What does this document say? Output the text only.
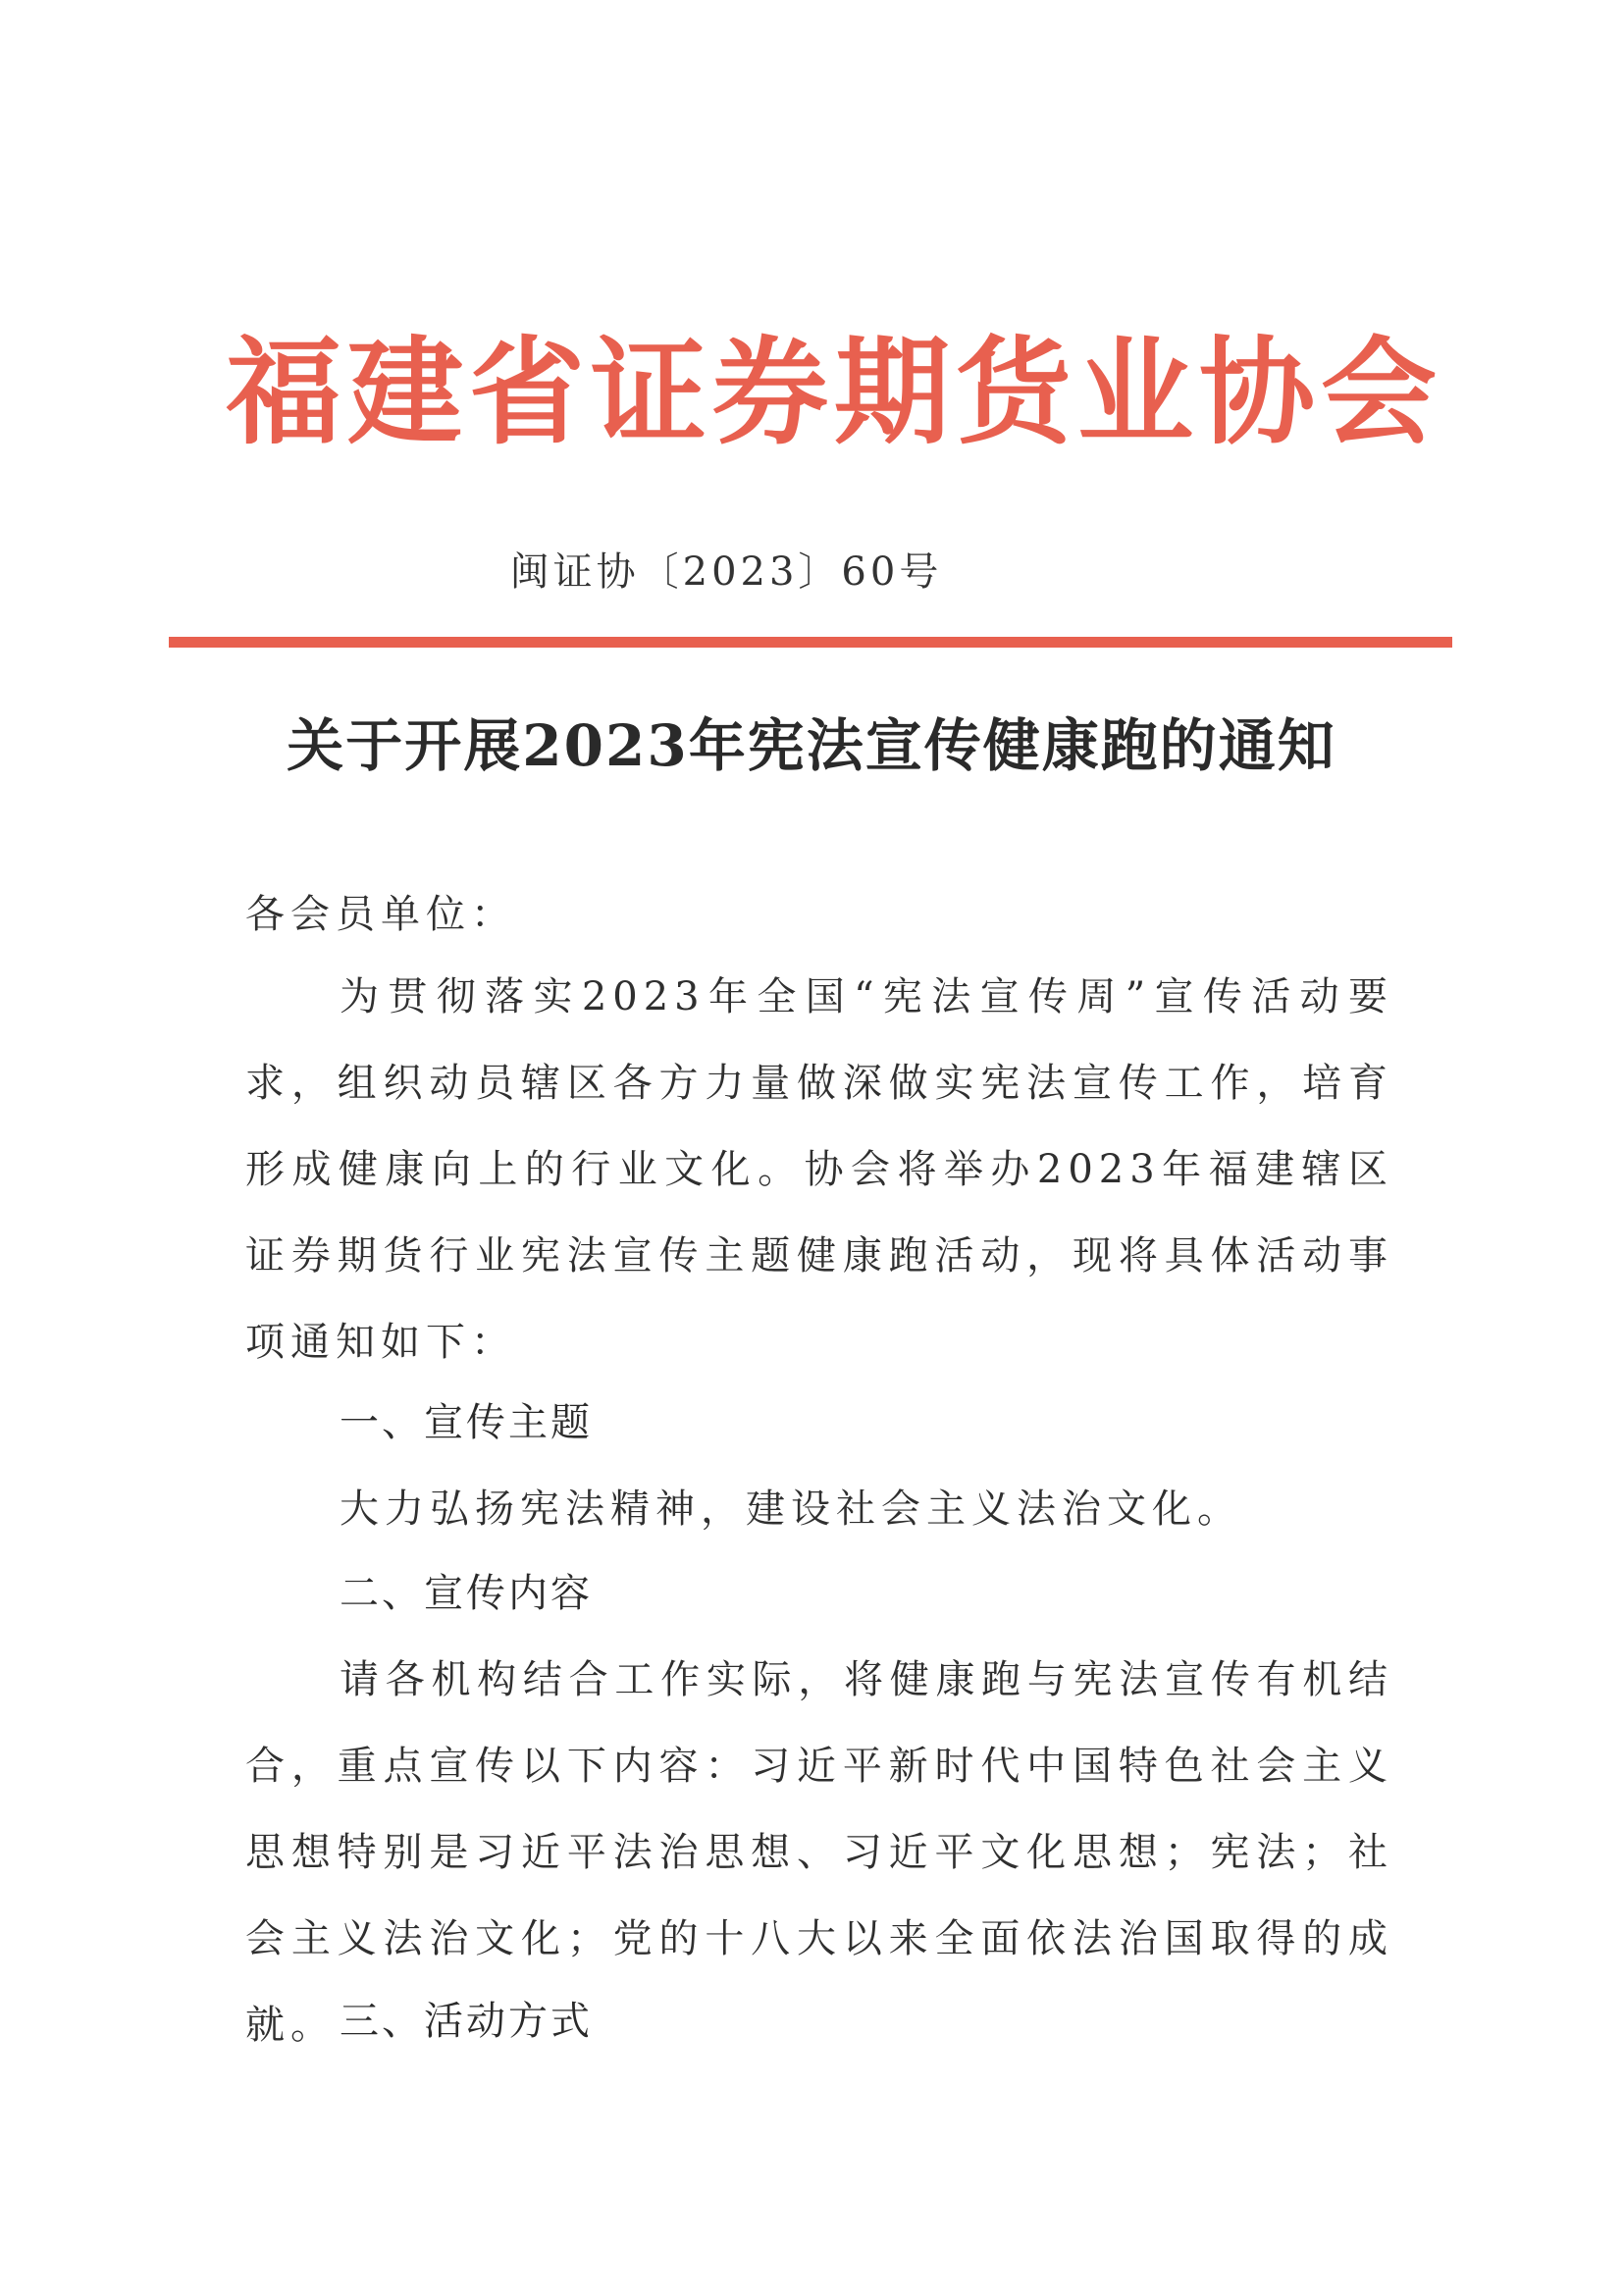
福建省证券期货业协会
闽证协〔2023〕60号
关于开展2023年宪法宣传健康跑的通知
各会员单位：
为贯彻落实2023年全国“宪法宣传周”宣传活动要求，组织动员辖区各方力量做深做实宪法宣传工作，培育形成健康向上的行业文化。协会将举办2023年福建辖区证券期货行业宪法宣传主题健康跑活动，现将具体活动事项通知如下：
一、宣传主题
大力弘扬宪法精神，建设社会主义法治文化。
二、宣传内容
请各机构结合工作实际，将健康跑与宪法宣传有机结合，重点宣传以下内容：习近平新时代中国特色社会主义思想特别是习近平法治思想、习近平文化思想；宪法；社会主义法治文化；党的十八大以来全面依法治国取得的成就。 三、活动方式
